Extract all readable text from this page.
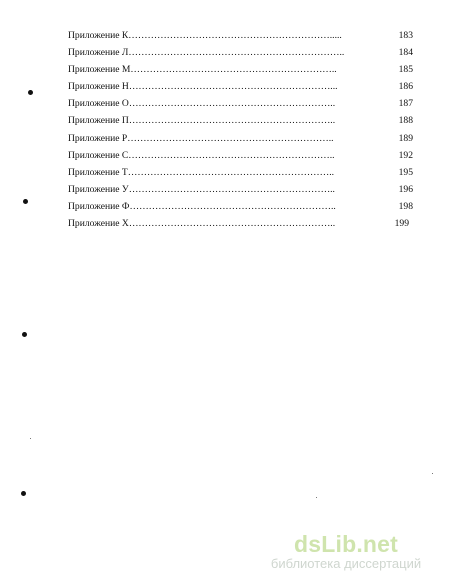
Приложение К……………………………………………………….....	183
Приложение Л…………………………………………………………..	184
Приложение М………………………………………………………..	185
Приложение Н………………………………………………………...	186
Приложение О………………………………………………………..	187
Приложение П………………………………………………………..	188
Приложение Р………………………………………………………..	189
Приложение С………………………………………………………..	192
Приложение Т………………………………………………………..	195
Приложение У………………………………………………………..	196
Приложение Ф………………………………………………………..	198
Приложение Х………………………………………………………..	199
dsLib.net
библиотека диссертаций
